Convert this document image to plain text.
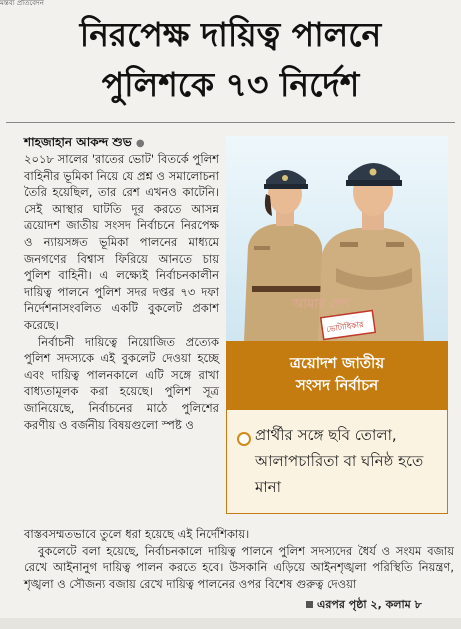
মন্তব্য প্রতিবেদন
নিরপেক্ষ দায়িত্ব পালনে
পুলিশকে ৭৩ নির্দেশ
শাহজাহান আকন্দ শুভ ●

২০১৮ সালের 'রাতের ভোট' বিতর্কে পুলিশ বাহিনীর ভূমিকা নিয়ে যে প্রশ্ন ও সমালোচনা তৈরি হয়েছিল, তার রেশ এখনও কাটেনি। সেই আস্থার ঘাটতি দূর করতে আসন্ন ত্রয়োদশ জাতীয় সংসদ নির্বাচনে নিরপেক্ষ ও ন্যায়সঙ্গত ভূমিকা পালনের মাধ্যমে জনগণের বিশ্বাস ফিরিয়ে আনতে চায় পুলিশ বাহিনী। এ লক্ষ্যেই নির্বাচনকালীন দায়িত্ব পালনে পুলিশ সদর দপ্তর ৭৩ দফা নির্দেশনাসংবলিত একটি বুকলেট প্রকাশ করেছে।

নির্বাচনী দায়িত্বে নিয়োজিত প্রত্যেক পুলিশ সদস্যকে এই বুকলেট দেওয়া হচ্ছে এবং দায়িত্ব পালনকালে এটি সঙ্গে রাখা বাধ্যতামূলক করা হয়েছে। পুলিশ সূত্র জানিয়েছে, নির্বাচনের মাঠে পুলিশের করণীয় ও বর্জনীয় বিষয়গুলো স্পষ্ট ও

ভোটাধিকার
আমার দেশ
ত্রয়োদশ জাতীয়
সংসদ নির্বাচন
প্রার্থীর সঙ্গে ছবি তোলা, আলাপচারিতা বা ঘনিষ্ঠ হতে মানা

বাস্তবসম্মতভাবে তুলে ধরা হয়েছে এই নির্দেশিকায়।

বুকলেটে বলা হয়েছে, নির্বাচনকালে দায়িত্ব পালনে পুলিশ সদস্যদের ধৈর্য ও সংযম বজায় রেখে আইনানুগ দায়িত্ব পালন করতে হবে। উসকানি এড়িয়ে আইনশৃঙ্খলা পরিস্থিতি নিয়ন্ত্রণ, শৃঙ্খলা ও সৌজন্য বজায় রেখে দায়িত্ব পালনের ওপর বিশেষ গুরুত্ব দেওয়া

এরপর পৃষ্ঠা ২, কলাম ৮
